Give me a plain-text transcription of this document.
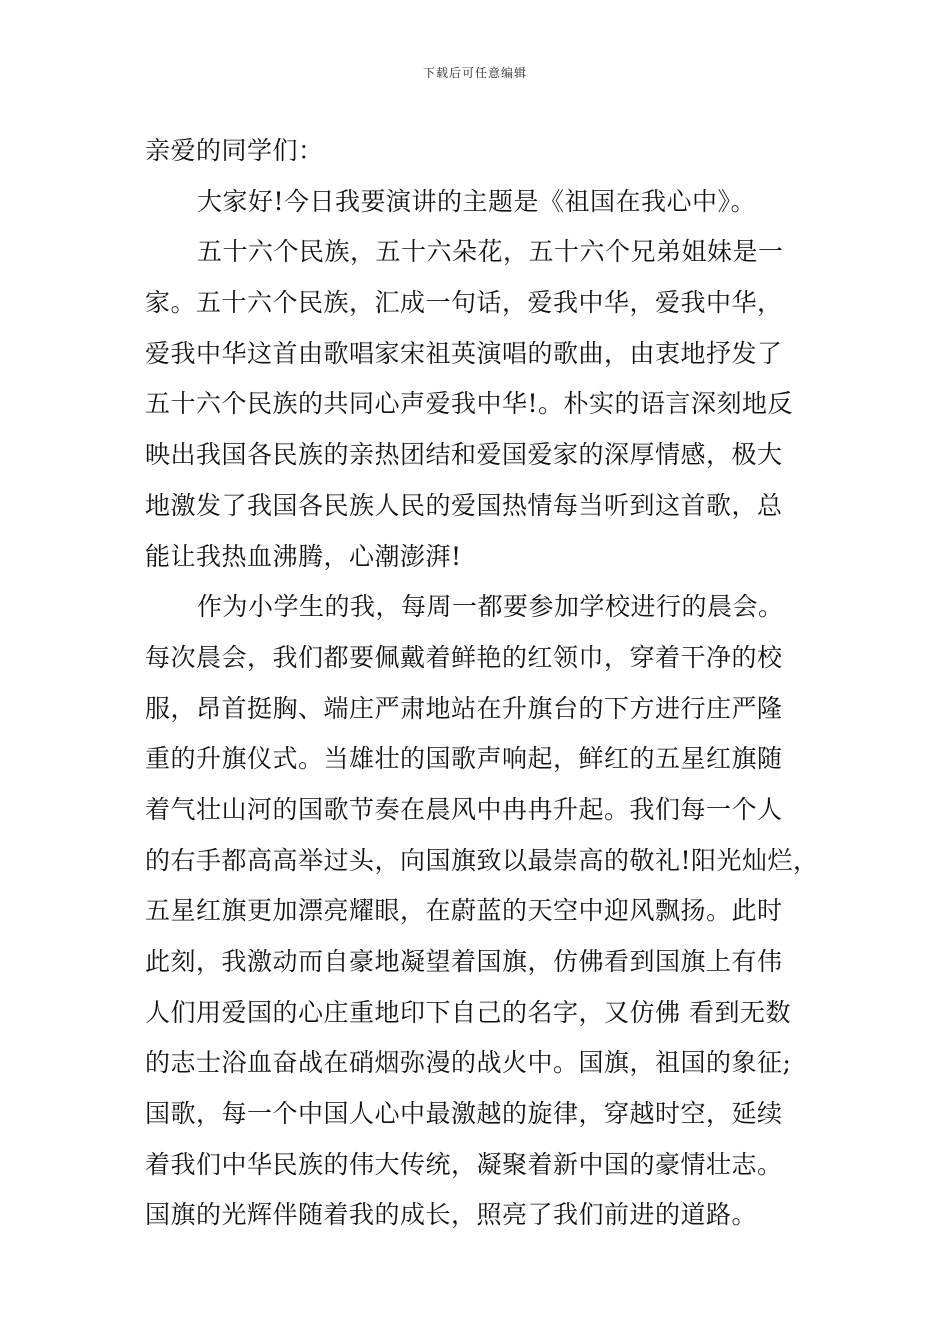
下载后可任意编辑
亲爱的同学们：
大家好!今日我要演讲的主题是《祖国在我心中》。
五十六个民族，五十六朵花，五十六个兄弟姐妹是一
家。五十六个民族，汇成一句话，爱我中华，爱我中华，
爱我中华这首由歌唱家宋祖英演唱的歌曲，由衷地抒发了
五十六个民族的共同心声爱我中华!。朴实的语言深刻地反
映出我国各民族的亲热团结和爱国爱家的深厚情感，极大
地激发了我国各民族人民的爱国热情每当听到这首歌，总
能让我热血沸腾，心潮澎湃!
作为小学生的我，每周一都要参加学校进行的晨会。
每次晨会，我们都要佩戴着鲜艳的红领巾，穿着干净的校
服，昂首挺胸、端庄严肃地站在升旗台的下方进行庄严隆
重的升旗仪式。当雄壮的国歌声响起，鲜红的五星红旗随
着气壮山河的国歌节奏在晨风中冉冉升起。我们每一个人
的右手都高高举过头，向国旗致以最崇高的敬礼!阳光灿烂，
五星红旗更加漂亮耀眼，在蔚蓝的天空中迎风飘扬。此时
此刻，我激动而自豪地凝望着国旗，仿佛看到国旗上有伟
人们用爱国的心庄重地印下自己的名字，又仿佛 看到无数
的志士浴血奋战在硝烟弥漫的战火中。国旗，祖国的象征;
国歌，每一个中国人心中最激越的旋律，穿越时空，延续
着我们中华民族的伟大传统，凝聚着新中国的豪情壮志。
国旗的光辉伴随着我的成长，照亮了我们前进的道路。
